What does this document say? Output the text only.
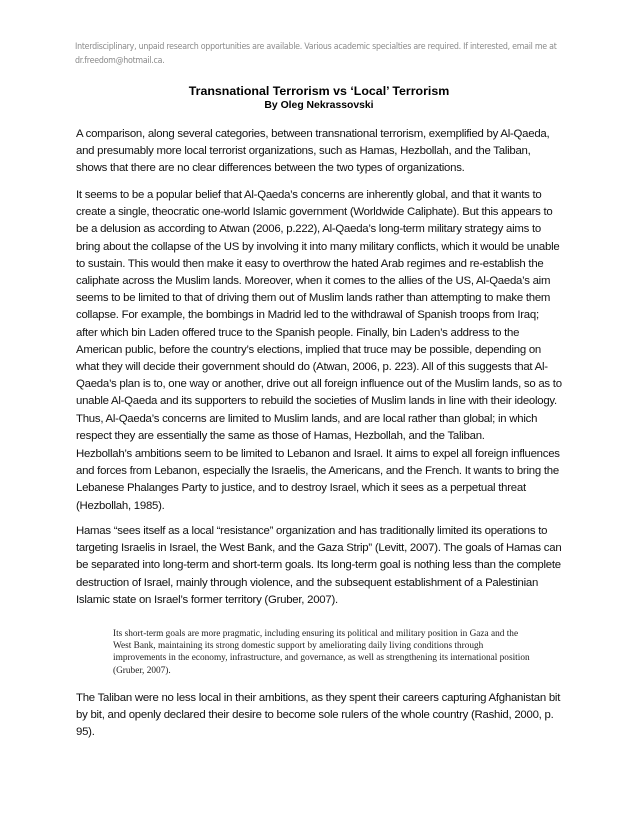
Interdisciplinary, unpaid research opportunities are available. Various academic specialties are required. If interested, email me at dr.freedom@hotmail.ca.
Transnational Terrorism vs ‘Local’ Terrorism
By Oleg Nekrassovski
A comparison, along several categories, between transnational terrorism, exemplified by Al-Qaeda, and presumably more local terrorist organizations, such as Hamas, Hezbollah, and the Taliban, shows that there are no clear differences between the two types of organizations.
It seems to be a popular belief that Al-Qaeda’s concerns are inherently global, and that it wants to create a single, theocratic one-world Islamic government (Worldwide Caliphate). But this appears to be a delusion as according to Atwan (2006, p.222), Al-Qaeda’s long-term military strategy aims to bring about the collapse of the US by involving it into many military conflicts, which it would be unable to sustain. This would then make it easy to overthrow the hated Arab regimes and re-establish the caliphate across the Muslim lands. Moreover, when it comes to the allies of the US, Al-Qaeda’s aim seems to be limited to that of driving them out of Muslim lands rather than attempting to make them collapse. For example, the bombings in Madrid led to the withdrawal of Spanish troops from Iraq; after which bin Laden offered truce to the Spanish people. Finally, bin Laden’s address to the American public, before the country’s elections, implied that truce may be possible, depending on what they will decide their government should do (Atwan, 2006, p. 223). All of this suggests that Al-Qaeda’s plan is to, one way or another, drive out all foreign influence out of the Muslim lands, so as to unable Al-Qaeda and its supporters to rebuild the societies of Muslim lands in line with their ideology. Thus, Al-Qaeda’s concerns are limited to Muslim lands, and are local rather than global; in which respect they are essentially the same as those of Hamas, Hezbollah, and the Taliban.
Hezbollah’s ambitions seem to be limited to Lebanon and Israel. It aims to expel all foreign influences and forces from Lebanon, especially the Israelis, the Americans, and the French. It wants to bring the Lebanese Phalanges Party to justice, and to destroy Israel, which it sees as a perpetual threat (Hezbollah, 1985).
Hamas “sees itself as a local “resistance” organization and has traditionally limited its operations to targeting Israelis in Israel, the West Bank, and the Gaza Strip” (Levitt, 2007). The goals of Hamas can be separated into long-term and short-term goals. Its long-term goal is nothing less than the complete destruction of Israel, mainly through violence, and the subsequent establishment of a Palestinian Islamic state on Israel’s former territory (Gruber, 2007).
Its short-term goals are more pragmatic, including ensuring its political and military position in Gaza and the West Bank, maintaining its strong domestic support by ameliorating daily living conditions through improvements in the economy, infrastructure, and governance, as well as strengthening its international position (Gruber, 2007).
The Taliban were no less local in their ambitions, as they spent their careers capturing Afghanistan bit by bit, and openly declared their desire to become sole rulers of the whole country (Rashid, 2000, p. 95).
